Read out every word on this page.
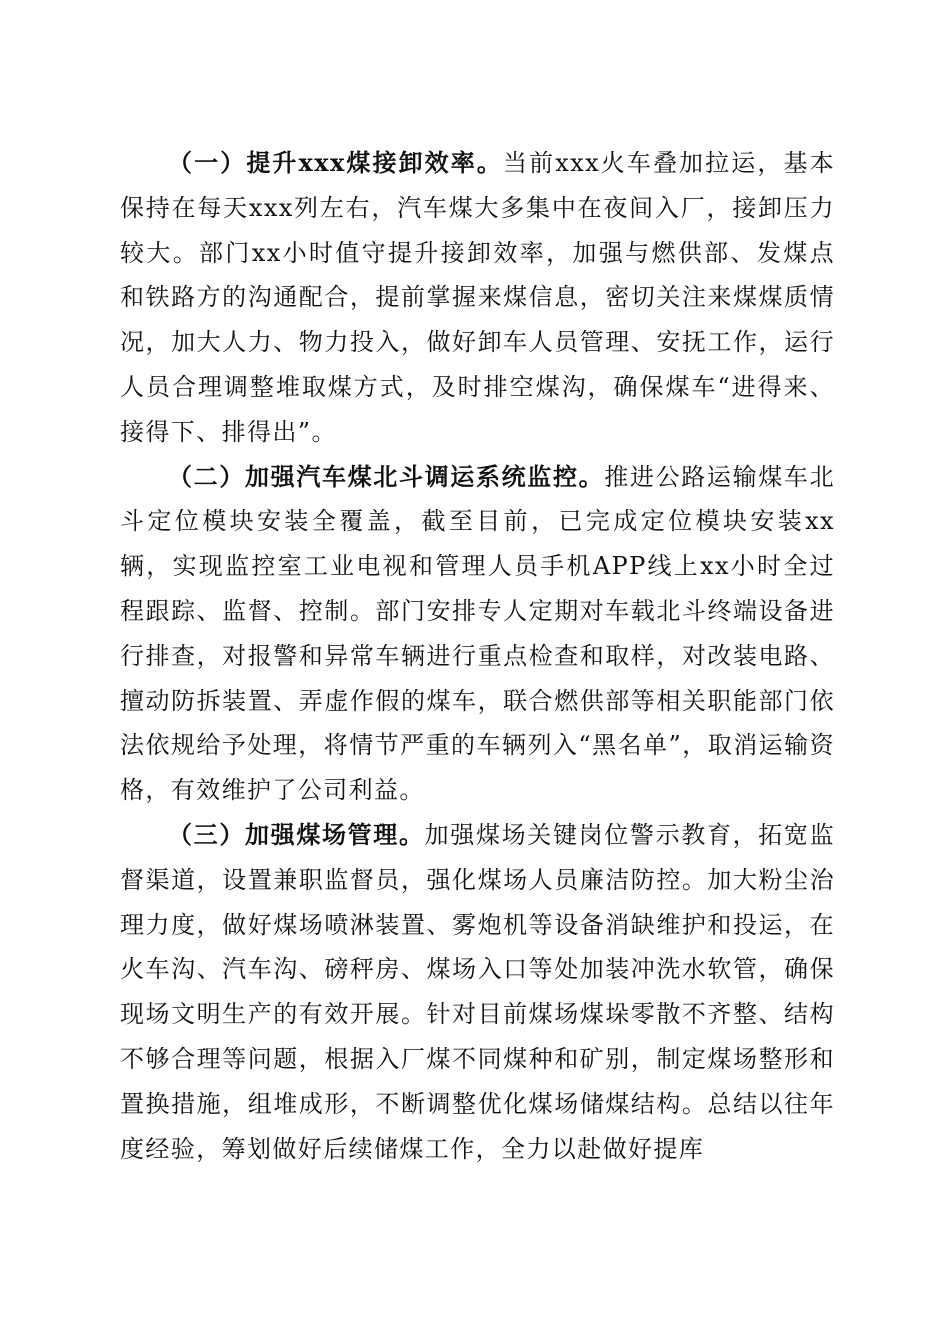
（一）提升xxx煤接卸效率。当前xxx火车叠加拉运，基本保持在每天xxx列左右，汽车煤大多集中在夜间入厂，接卸压力较大。部门xx小时值守提升接卸效率，加强与燃供部、发煤点和铁路方的沟通配合，提前掌握来煤信息，密切关注来煤煤质情况，加大人力、物力投入，做好卸车人员管理、安抚工作，运行人员合理调整堆取煤方式，及时排空煤沟，确保煤车“进得来、接得下、排得出”。

（二）加强汽车煤北斗调运系统监控。推进公路运输煤车北斗定位模块安装全覆盖，截至目前，已完成定位模块安装xx辆，实现监控室工业电视和管理人员手机APP线上xx小时全过程跟踪、监督、控制。部门安排专人定期对车载北斗终端设备进行排查，对报警和异常车辆进行重点检查和取样，对改装电路、擅动防拆装置、弄虚作假的煤车，联合燃供部等相关职能部门依法依规给予处理，将情节严重的车辆列入“黑名单”，取消运输资格，有效维护了公司利益。

（三）加强煤场管理。加强煤场关键岗位警示教育，拓宽监督渠道，设置兼职监督员，强化煤场人员廉洁防控。加大粉尘治理力度，做好煤场喷淋装置、雾炮机等设备消缺维护和投运，在火车沟、汽车沟、磅秤房、煤场入口等处加装冲洗水软管，确保现场文明生产的有效开展。针对目前煤场煤垛零散不齐整、结构不够合理等问题，根据入厂煤不同煤种和矿别，制定煤场整形和置换措施，组堆成形，不断调整优化煤场储煤结构。总结以往年度经验，筹划做好后续储煤工作，全力以赴做好提库
